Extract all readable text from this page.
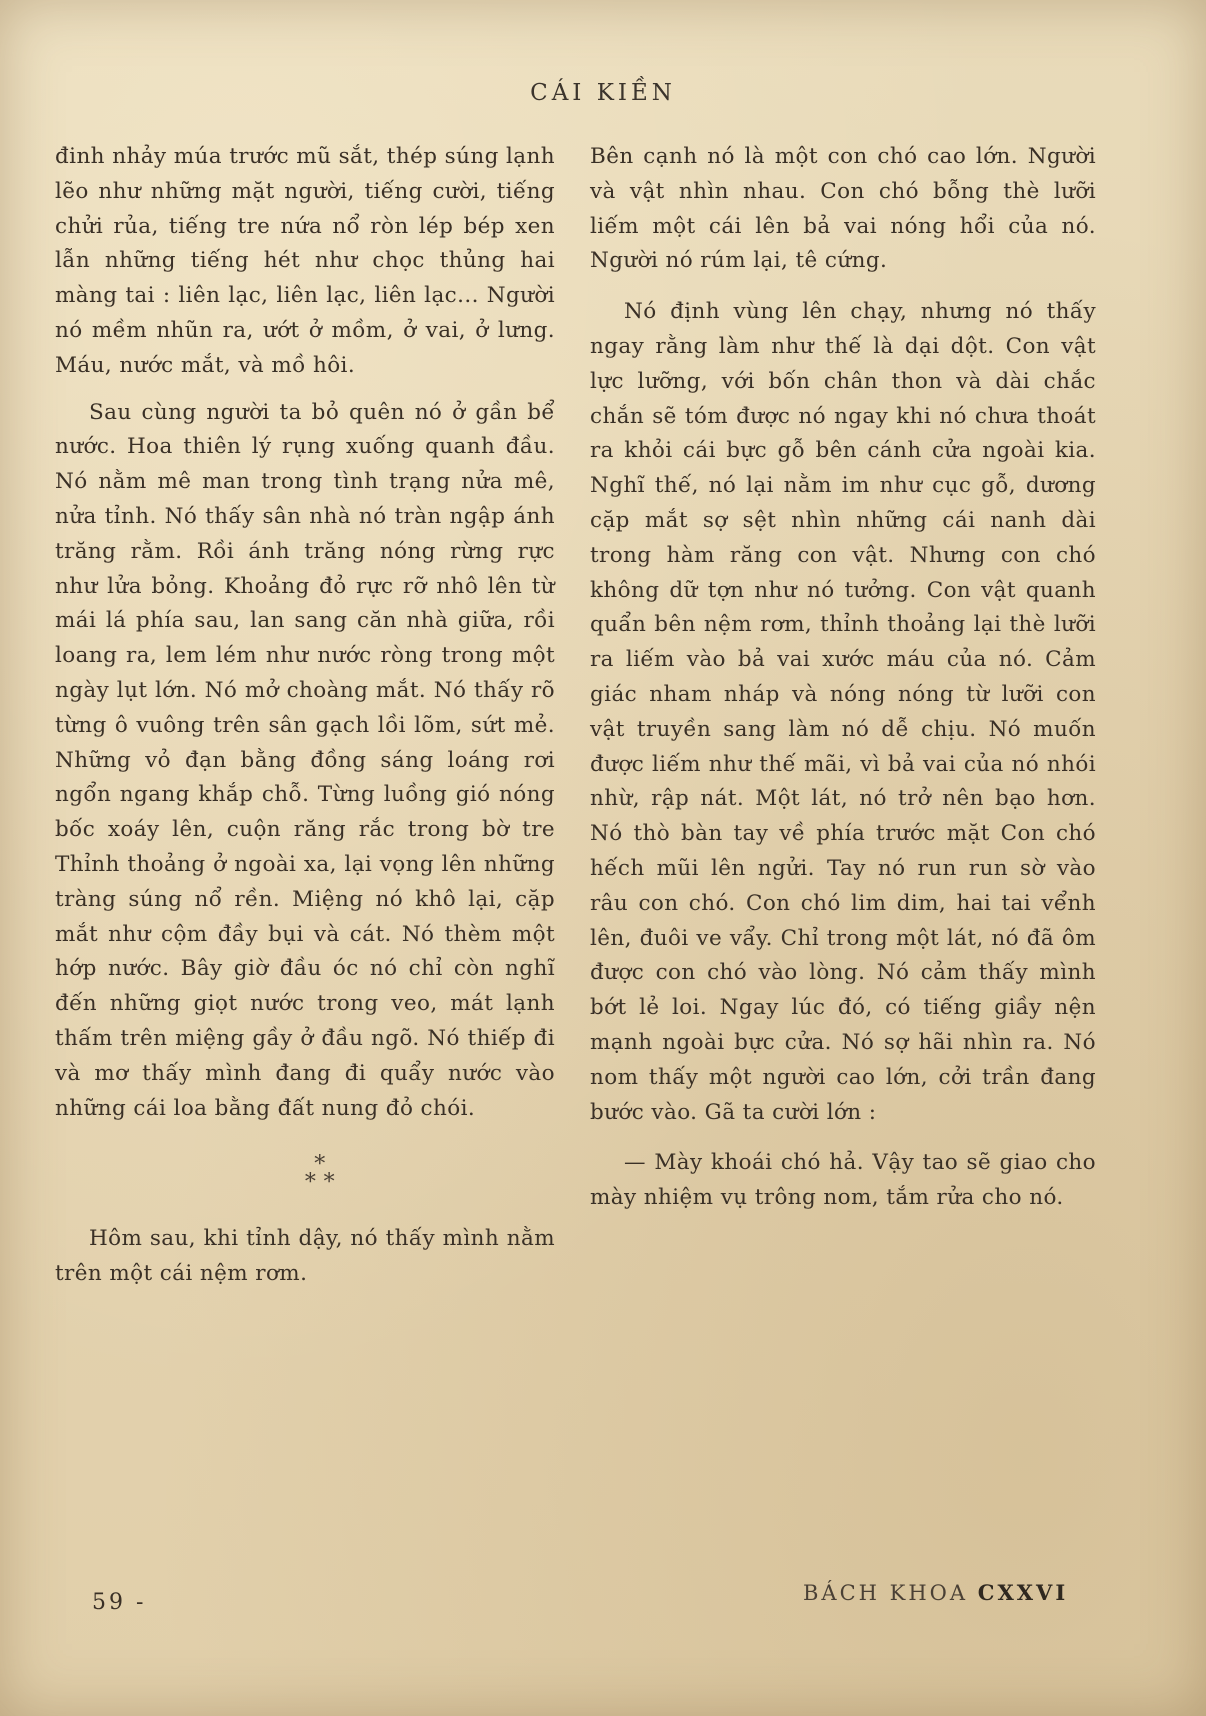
CÁI KIỀN

đinh nhảy múa trước mũ sắt, thép súng lạnh lẽo như những mặt người, tiếng cười, tiếng chửi rủa, tiếng tre nứa nổ ròn lép bép xen lẫn những tiếng hét như chọc thủng hai màng tai : liên lạc, liên lạc, liên lạc... Người nó mềm nhũn ra, ướt ở mồm, ở vai, ở lưng. Máu, nước mắt, và mồ hôi.

Sau cùng người ta bỏ quên nó ở gần bể nước. Hoa thiên lý rụng xuống quanh đầu. Nó nằm mê man trong tình trạng nửa mê, nửa tỉnh. Nó thấy sân nhà nó tràn ngập ánh trăng rằm. Rồi ánh trăng nóng rừng rực như lửa bỏng. Khoảng đỏ rực rỡ nhô lên từ mái lá phía sau, lan sang căn nhà giữa, rồi loang ra, lem lém như nước ròng trong một ngày lụt lớn. Nó mở choàng mắt. Nó thấy rõ từng ô vuông trên sân gạch lồi lõm, sứt mẻ. Những vỏ đạn bằng đồng sáng loáng rơi ngổn ngang khắp chỗ. Từng luồng gió nóng bốc xoáy lên, cuộn răng rắc trong bờ tre Thỉnh thoảng ở ngoài xa, lại vọng lên những tràng súng nổ rền. Miệng nó khô lại, cặp mắt như cộm đầy bụi và cát. Nó thèm một hớp nước. Bây giờ đầu óc nó chỉ còn nghĩ đến những giọt nước trong veo, mát lạnh thấm trên miệng gầy ở đầu ngõ. Nó thiếp đi và mơ thấy mình đang đi quẩy nước vào những cái loa bằng đất nung đỏ chói.

*
* *

Hôm sau, khi tỉnh dậy, nó thấy mình nằm trên một cái nệm rơm.

Bên cạnh nó là một con chó cao lớn. Người và vật nhìn nhau. Con chó bỗng thè lưỡi liếm một cái lên bả vai nóng hổi của nó. Người nó rúm lại, tê cứng.

Nó định vùng lên chạy, nhưng nó thấy ngay rằng làm như thế là dại dột. Con vật lực lưỡng, với bốn chân thon và dài chắc chắn sẽ tóm được nó ngay khi nó chưa thoát ra khỏi cái bực gỗ bên cánh cửa ngoài kia. Nghĩ thế, nó lại nằm im như cục gỗ, dương cặp mắt sợ sệt nhìn những cái nanh dài trong hàm răng con vật. Nhưng con chó không dữ tợn như nó tưởng. Con vật quanh quẩn bên nệm rơm, thỉnh thoảng lại thè lưỡi ra liếm vào bả vai xước máu của nó. Cảm giác nham nháp và nóng nóng từ lưỡi con vật truyền sang làm nó dễ chịu. Nó muốn được liếm như thế mãi, vì bả vai của nó nhói nhừ, rập nát. Một lát, nó trở nên bạo hơn. Nó thò bàn tay về phía trước mặt Con chó hếch mũi lên ngửi. Tay nó run run sờ vào râu con chó. Con chó lim dim, hai tai vểnh lên, đuôi ve vẩy. Chỉ trong một lát, nó đã ôm được con chó vào lòng. Nó cảm thấy mình bớt lẻ loi. Ngay lúc đó, có tiếng giầy nện mạnh ngoài bực cửa. Nó sợ hãi nhìn ra. Nó nom thấy một người cao lớn, cởi trần đang bước vào. Gã ta cười lớn :

— Mày khoái chó hả. Vậy tao sẽ giao cho mày nhiệm vụ trông nom, tắm rửa cho nó.

59 -	BÁCH KHOA CXXVI
